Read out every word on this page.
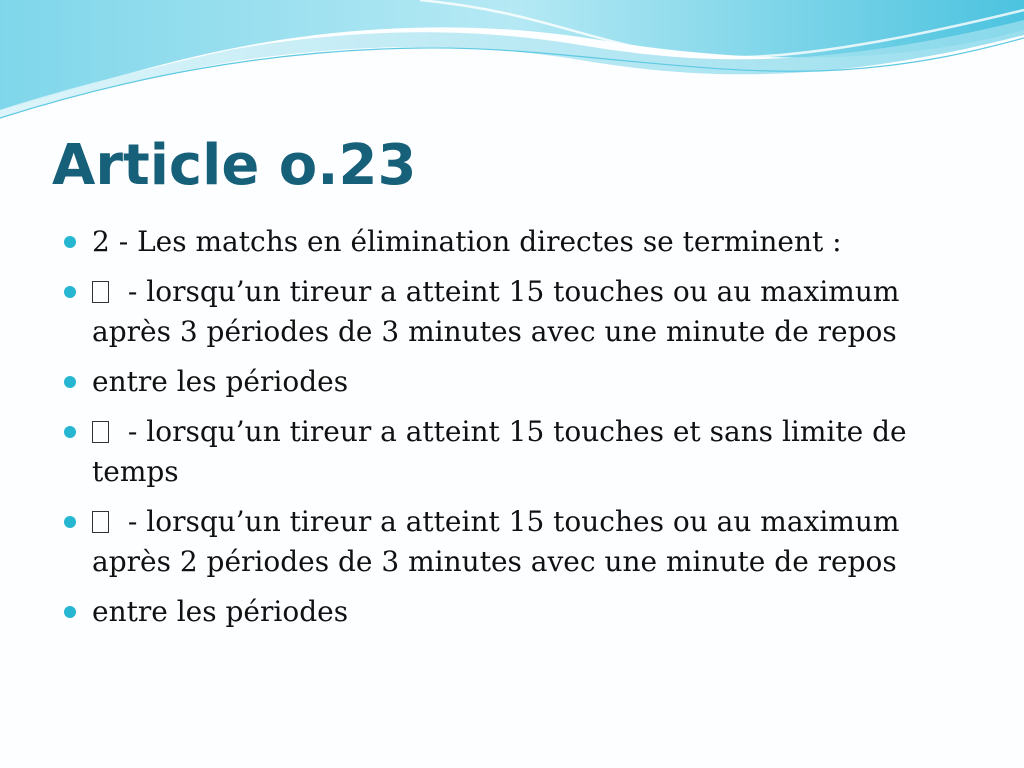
Article o.23
2 - Les matchs en élimination directes se terminent :
- lorsqu’un tireur a atteint 15 touches ou au maximum après 3 périodes de 3 minutes avec une minute de repos
entre les périodes
- lorsqu’un tireur a atteint 15 touches et sans limite de temps
- lorsqu’un tireur a atteint 15 touches ou au maximum après 2 périodes de 3 minutes avec une minute de repos
entre les périodes
